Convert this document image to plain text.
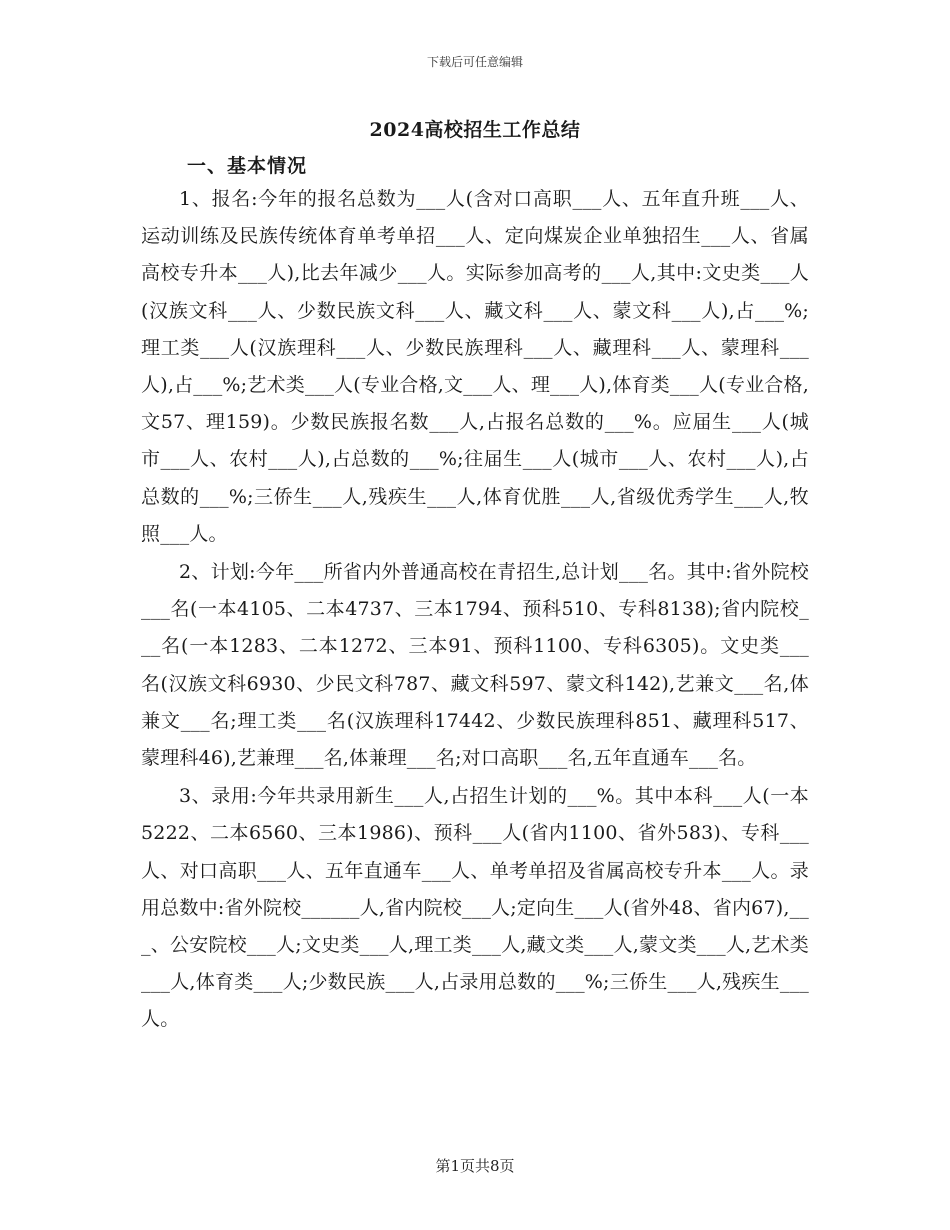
下载后可任意编辑
2024高校招生工作总结
一、基本情况

1、报名:今年的报名总数为___人(含对口高职___人、五年直升班___人、运动训练及民族传统体育单考单招___人、定向煤炭企业单独招生___人、省属高校专升本___人),比去年减少___人。实际参加高考的___人,其中:文史类___人(汉族文科___人、少数民族文科___人、藏文科___人、蒙文科___人),占___%;理工类___人(汉族理科___人、少数民族理科___人、藏理科___人、蒙理科___人),占___%;艺术类___人(专业合格,文___人、理___人),体育类___人(专业合格,文57、理159)。少数民族报名数___人,占报名总数的___%。应届生___人(城市___人、农村___人),占总数的___%;往届生___人(城市___人、农村___人),占总数的___%;三侨生___人,残疾生___人,体育优胜___人,省级优秀学生___人,牧照___人。

2、计划:今年___所省内外普通高校在青招生,总计划___名。其中:省外院校___名(一本4105、二本4737、三本1794、预科510、专科8138);省内院校___名(一本1283、二本1272、三本91、预科1100、专科6305)。文史类___名(汉族文科6930、少民文科787、藏文科597、蒙文科142),艺兼文___名,体兼文___名;理工类___名(汉族理科17442、少数民族理科851、藏理科517、蒙理科46),艺兼理___名,体兼理___名;对口高职___名,五年直通车___名。

3、录用:今年共录用新生___人,占招生计划的___%。其中本科___人(一本5222、二本6560、三本1986)、预科___人(省内1100、省外583)、专科___人、对口高职___人、五年直通车___人、单考单招及省属高校专升本___人。录用总数中:省外院校______人,省内院校___人;定向生___人(省外48、省内67),___、公安院校___人;文史类___人,理工类___人,藏文类___人,蒙文类___人,艺术类___人,体育类___人;少数民族___人,占录用总数的___%;三侨生___人,残疾生___人。

第1页共8页
